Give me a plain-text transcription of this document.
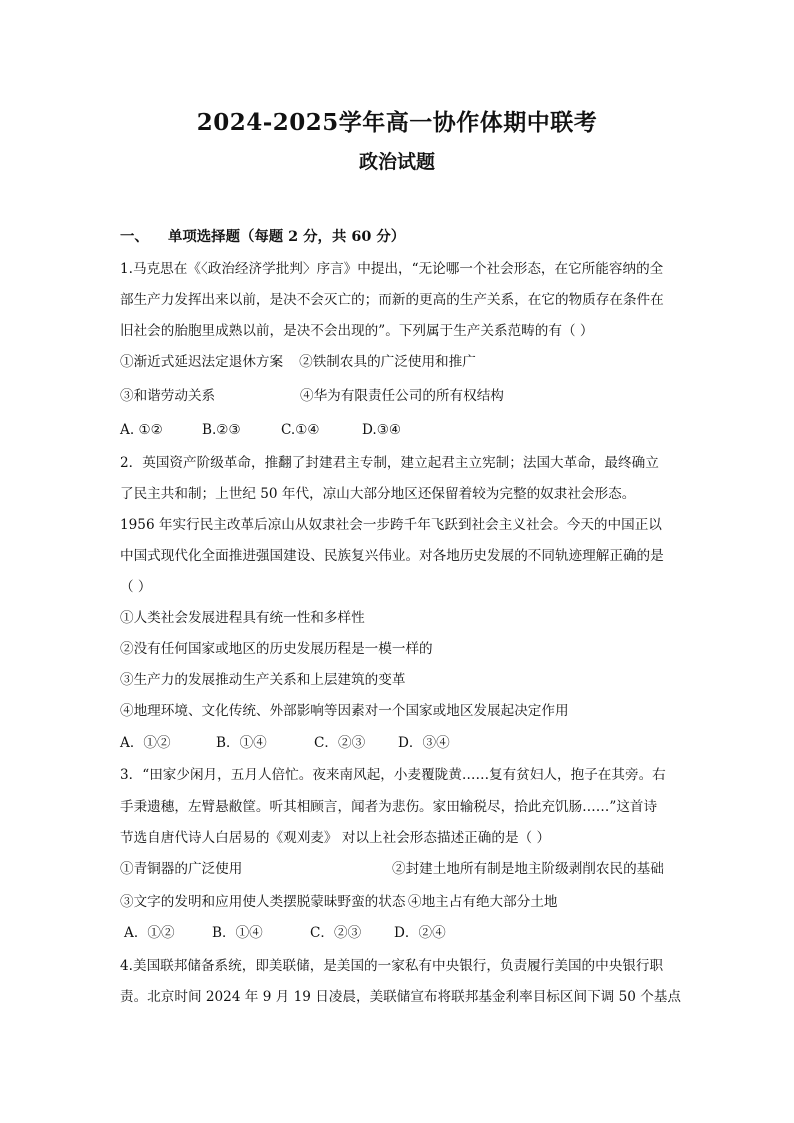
2024-2025学年高一协作体期中联考
政治试题
一、 单项选择题（每题 2 分，共 60 分）
1.马克思在《〈政治经济学批判〉序言》中提出，“无论哪一个社会形态，在它所能容纳的全
部生产力发挥出来以前，是决不会灭亡的；而新的更高的生产关系，在它的物质存在条件在
旧社会的胎胞里成熟以前，是决不会出现的”。下列属于生产关系范畴的有（ ）
①渐近式延迟法定退休方案 ②铁制农具的广泛使用和推广
③和谐劳动关系	④华为有限责任公司的所有权结构
A. ①②	B.②③	C.①④	D.③④
2．英国资产阶级革命，推翻了封建君主专制，建立起君主立宪制；法国大革命，最终确立
了民主共和制；上世纪 50 年代，凉山大部分地区还保留着较为完整的奴隶社会形态。
1956 年实行民主改革后凉山从奴隶社会一步跨千年飞跃到社会主义社会。今天的中国正以
中国式现代化全面推进强国建设、民族复兴伟业。对各地历史发展的不同轨迹理解正确的是
（ ）
①人类社会发展进程具有统一性和多样性
②没有任何国家或地区的历史发展历程是一模一样的
③生产力的发展推动生产关系和上层建筑的变革
④地理环境、文化传统、外部影响等因素对一个国家或地区发展起决定作用
A．①②	B．①④	C．②③ D．③④
3．“田家少闲月，五月人倍忙。夜来南风起，小麦覆陇黄……复有贫妇人，抱子在其旁。右
手秉遗穗，左臂悬敝筐。听其相顾言，闻者为悲伤。家田输税尽，拾此充饥肠……”这首诗
节选自唐代诗人白居易的《观刈麦》 对以上社会形态描述正确的是（ ）
①青铜器的广泛使用	②封建土地所有制是地主阶级剥削农民的基础
③文字的发明和应用使人类摆脱蒙昧野蛮的状态 ④地主占有绝大部分土地
A．①②	B．①④	C．②③ D．②④
4.美国联邦储备系统，即美联储，是美国的一家私有中央银行，负责履行美国的中央银行职
责。北京时间 2024 年 9 月 19 日凌晨，美联储宣布将联邦基金利率目标区间下调 50 个基点
